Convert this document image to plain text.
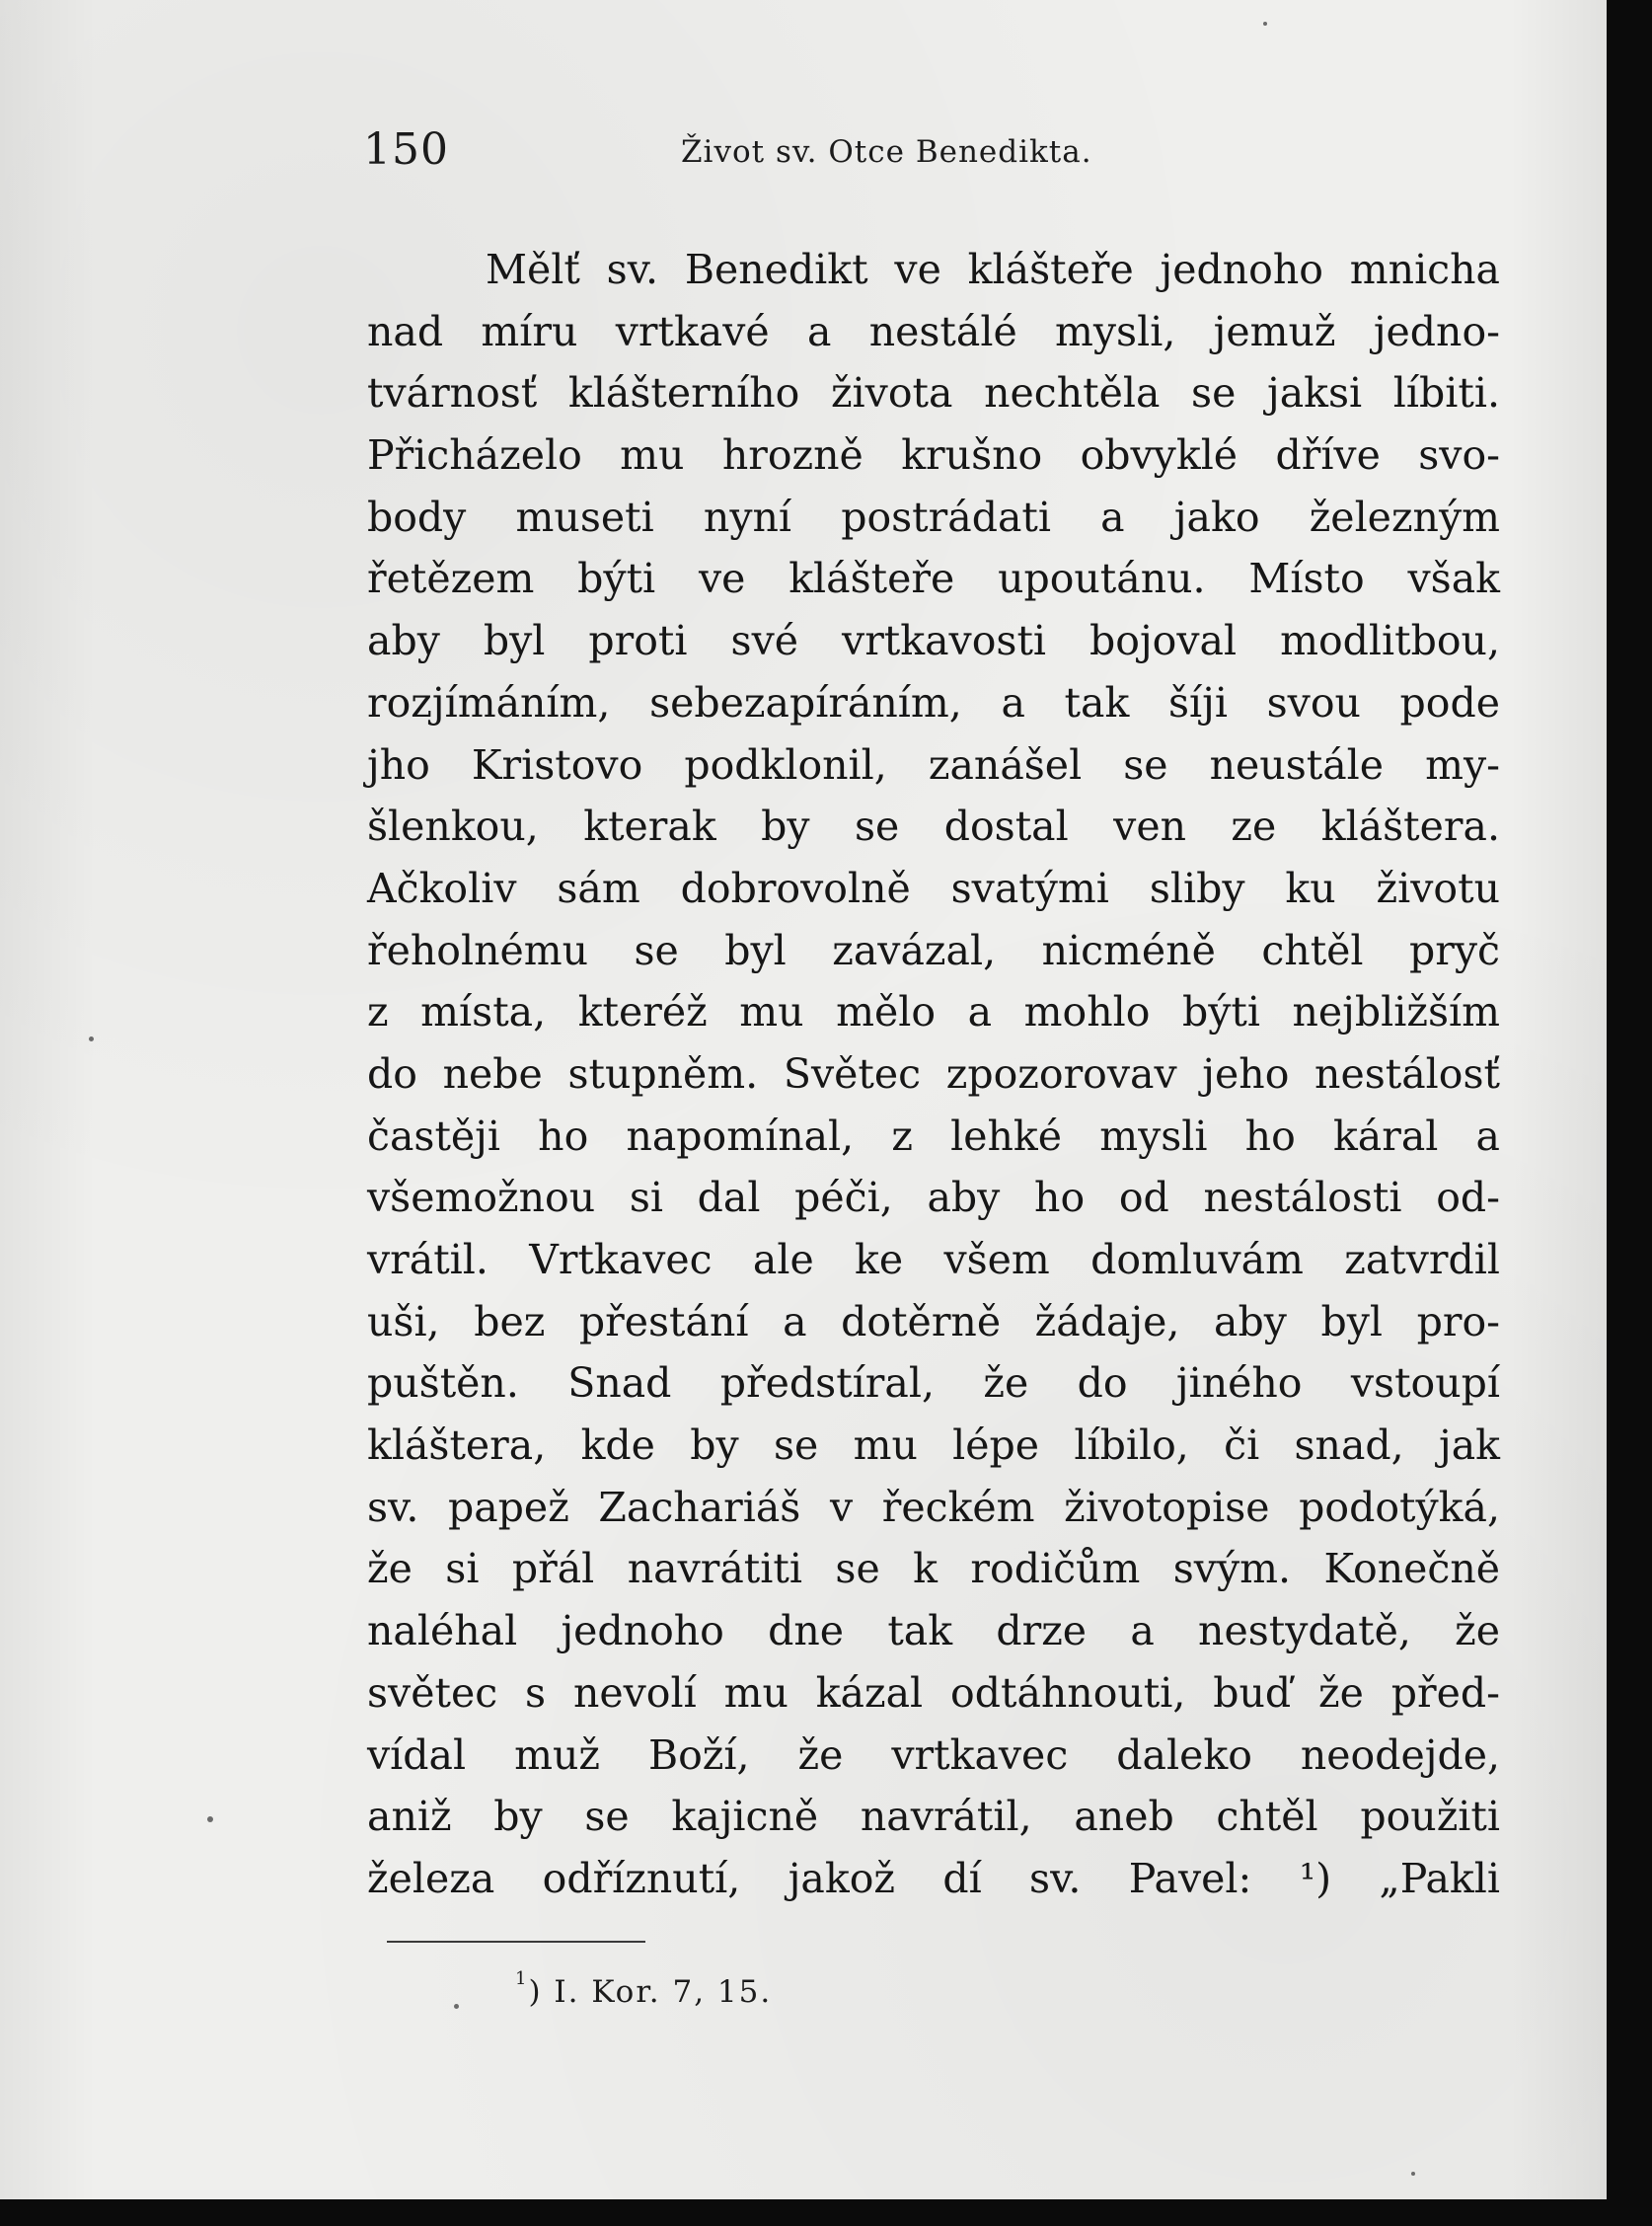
150	Život sv. Otce Benedikta.
Mělť sv. Benedikt ve klášteře jednoho mnicha
nad míru vrtkavé a nestálé mysli, jemuž jedno-
tvárnosť klášterního života nechtěla se jaksi líbiti.
Přicházelo mu hrozně krušno obvyklé dříve svo-
body museti nyní postrádati a jako železným
řetězem býti ve klášteře upoutánu. Místo však
aby byl proti své vrtkavosti bojoval modlitbou,
rozjímáním, sebezapíráním, a tak šíji svou pode
jho Kristovo podklonil, zanášel se neustále my-
šlenkou, kterak by se dostal ven ze kláštera.
Ačkoliv sám dobrovolně svatými sliby ku životu
řeholnému se byl zavázal, nicméně chtěl pryč
z místa, kteréž mu mělo a mohlo býti nejbližším
do nebe stupněm. Světec zpozorovav jeho nestálosť
častěji ho napomínal, z lehké mysli ho káral a
všemožnou si dal péči, aby ho od nestálosti od-
vrátil. Vrtkavec ale ke všem domluvám zatvrdil
uši, bez přestání a dotěrně žádaje, aby byl pro-
puštěn. Snad předstíral, že do jiného vstoupí
kláštera, kde by se mu lépe líbilo, či snad, jak
sv. papež Zachariáš v řeckém životopise podotýká,
že si přál navrátiti se k rodičům svým. Konečně
naléhal jednoho dne tak drze a nestydatě, že
světec s nevolí mu kázal odtáhnouti, buď že před-
vídal muž Boží, že vrtkavec daleko neodejde,
aniž by se kajicně navrátil, aneb chtěl použiti
železa odříznutí, jakož dí sv. Pavel: ¹) „Pakli
$^1$) I. Kor. 7, 15.
